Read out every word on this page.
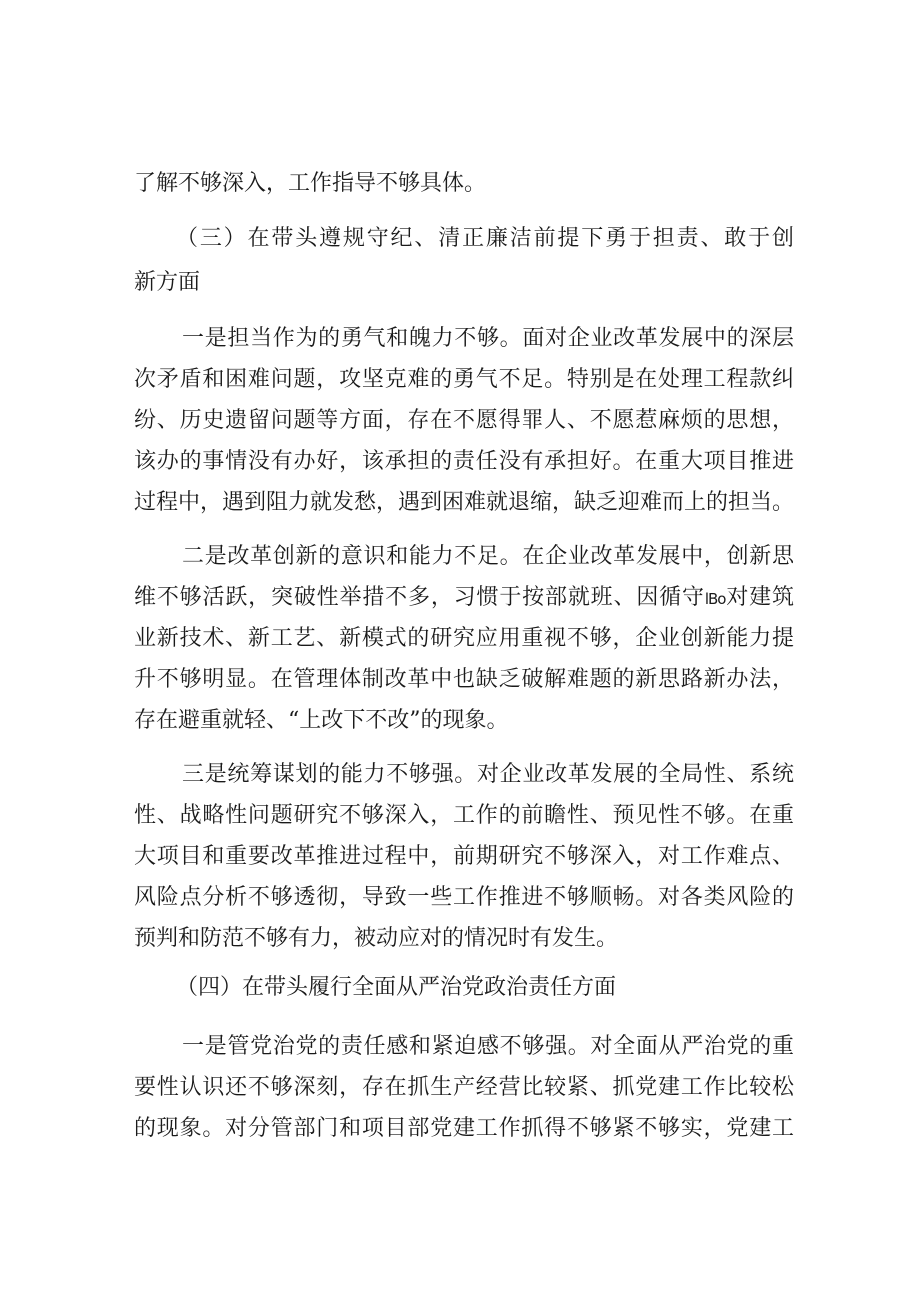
了解不够深入，工作指导不够具体。
（三）在带头遵规守纪、清正廉洁前提下勇于担责、敢于创
新方面
一是担当作为的勇气和魄力不够。面对企业改革发展中的深层
次矛盾和困难问题，攻坚克难的勇气不足。特别是在处理工程款纠
纷、历史遗留问题等方面，存在不愿得罪人、不愿惹麻烦的思想，
该办的事情没有办好，该承担的责任没有承担好。在重大项目推进
过程中，遇到阻力就发愁，遇到困难就退缩，缺乏迎难而上的担当。
二是改革创新的意识和能力不足。在企业改革发展中，创新思
维不够活跃，突破性举措不多，习惯于按部就班、因循守lBo对建筑
业新技术、新工艺、新模式的研究应用重视不够，企业创新能力提
升不够明显。在管理体制改革中也缺乏破解难题的新思路新办法，
存在避重就轻、“上改下不改”的现象。
三是统筹谋划的能力不够强。对企业改革发展的全局性、系统
性、战略性问题研究不够深入，工作的前瞻性、预见性不够。在重
大项目和重要改革推进过程中，前期研究不够深入，对工作难点、
风险点分析不够透彻，导致一些工作推进不够顺畅。对各类风险的
预判和防范不够有力，被动应对的情况时有发生。
（四）在带头履行全面从严治党政治责任方面
一是管党治党的责任感和紧迫感不够强。对全面从严治党的重
要性认识还不够深刻，存在抓生产经营比较紧、抓党建工作比较松
的现象。对分管部门和项目部党建工作抓得不够紧不够实，党建工
